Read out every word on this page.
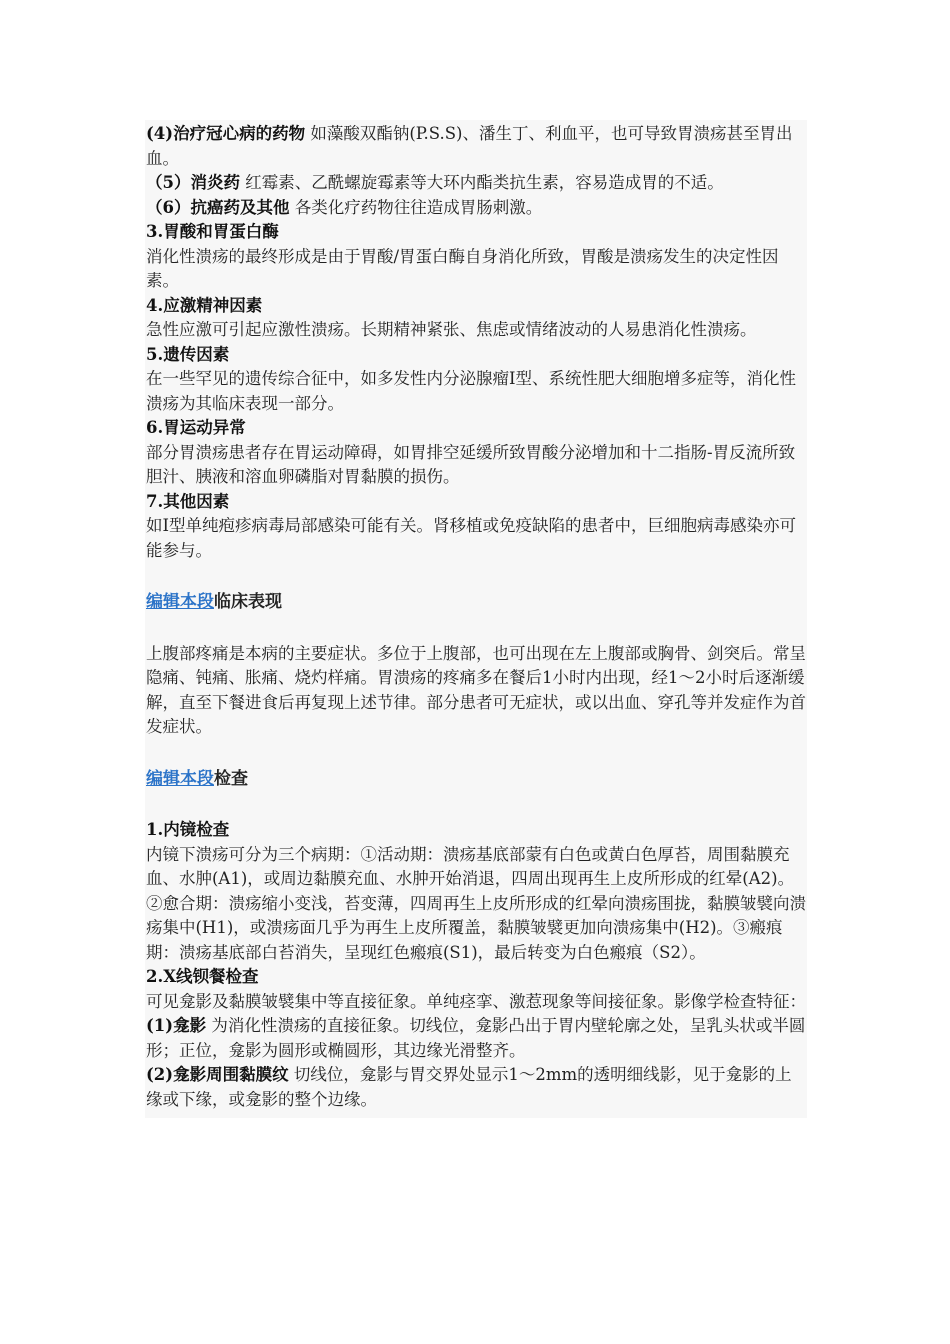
(4)治疗冠心病的药物 如藻酸双酯钠(P.S.S)、潘生丁、利血平，也可导致胃溃疡甚至胃出血。
（5）消炎药 红霉素、乙酰螺旋霉素等大环内酯类抗生素，容易造成胃的不适。
（6）抗癌药及其他 各类化疗药物往往造成胃肠刺激。
3.胃酸和胃蛋白酶
消化性溃疡的最终形成是由于胃酸/胃蛋白酶自身消化所致，胃酸是溃疡发生的决定性因素。
4.应激精神因素
急性应激可引起应激性溃疡。长期精神紧张、焦虑或情绪波动的人易患消化性溃疡。
5.遗传因素
在一些罕见的遗传综合征中，如多发性内分泌腺瘤Ⅰ型、系统性肥大细胞增多症等，消化性溃疡为其临床表现一部分。
6.胃运动异常
部分胃溃疡患者存在胃运动障碍，如胃排空延缓所致胃酸分泌增加和十二指肠-胃反流所致胆汁、胰液和溶血卵磷脂对胃黏膜的损伤。
7.其他因素
如Ⅰ型单纯疱疹病毒局部感染可能有关。肾移植或免疫缺陷的患者中，巨细胞病毒感染亦可能参与。
编辑本段临床表现
上腹部疼痛是本病的主要症状。多位于上腹部，也可出现在左上腹部或胸骨、剑突后。常呈隐痛、钝痛、胀痛、烧灼样痛。胃溃疡的疼痛多在餐后1小时内出现，经1～2小时后逐渐缓解，直至下餐进食后再复现上述节律。部分患者可无症状，或以出血、穿孔等并发症作为首发症状。
编辑本段检查
1.内镜检查
内镜下溃疡可分为三个病期：①活动期：溃疡基底部蒙有白色或黄白色厚苔，周围黏膜充血、水肿(A1)，或周边黏膜充血、水肿开始消退，四周出现再生上皮所形成的红晕(A2)。②愈合期：溃疡缩小变浅，苔变薄，四周再生上皮所形成的红晕向溃疡围拢，黏膜皱襞向溃疡集中(H1)，或溃疡面几乎为再生上皮所覆盖，黏膜皱襞更加向溃疡集中(H2)。③瘢痕期：溃疡基底部白苔消失，呈现红色瘢痕(S1)，最后转变为白色瘢痕（S2）。
2.X线钡餐检查
可见龛影及黏膜皱襞集中等直接征象。单纯痉挛、激惹现象等间接征象。影像学检查特征：
(1)龛影 为消化性溃疡的直接征象。切线位，龛影凸出于胃内壁轮廓之处，呈乳头状或半圆形；正位，龛影为圆形或椭圆形，其边缘光滑整齐。
(2)龛影周围黏膜纹 切线位，龛影与胃交界处显示1～2mm的透明细线影，见于龛影的上缘或下缘，或龛影的整个边缘。
